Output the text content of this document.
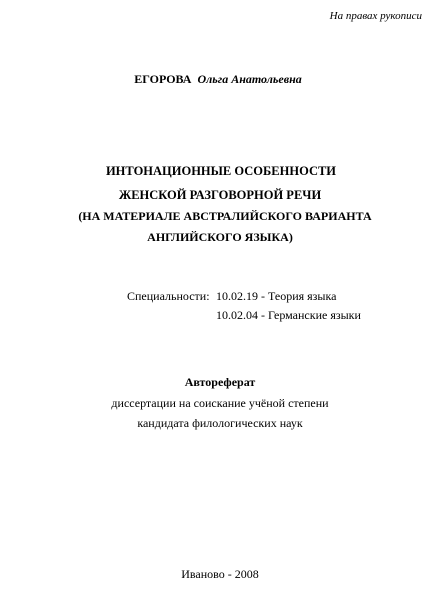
На правах рукописи
ЕГОРОВА Ольга Анатольевна
ИНТОНАЦИОННЫЕ ОСОБЕННОСТИ
ЖЕНСКОЙ РАЗГОВОРНОЙ РЕЧИ
(НА МАТЕРИАЛЕ АВСТРАЛИЙСКОГО ВАРИАНТА
АНГЛИЙСКОГО ЯЗЫКА)
Специальности: 10.02.19 - Теория языка
10.02.04 - Германские языки
Автореферат
диссертации на соискание учёной степени
кандидата филологических наук
Иваново - 2008
